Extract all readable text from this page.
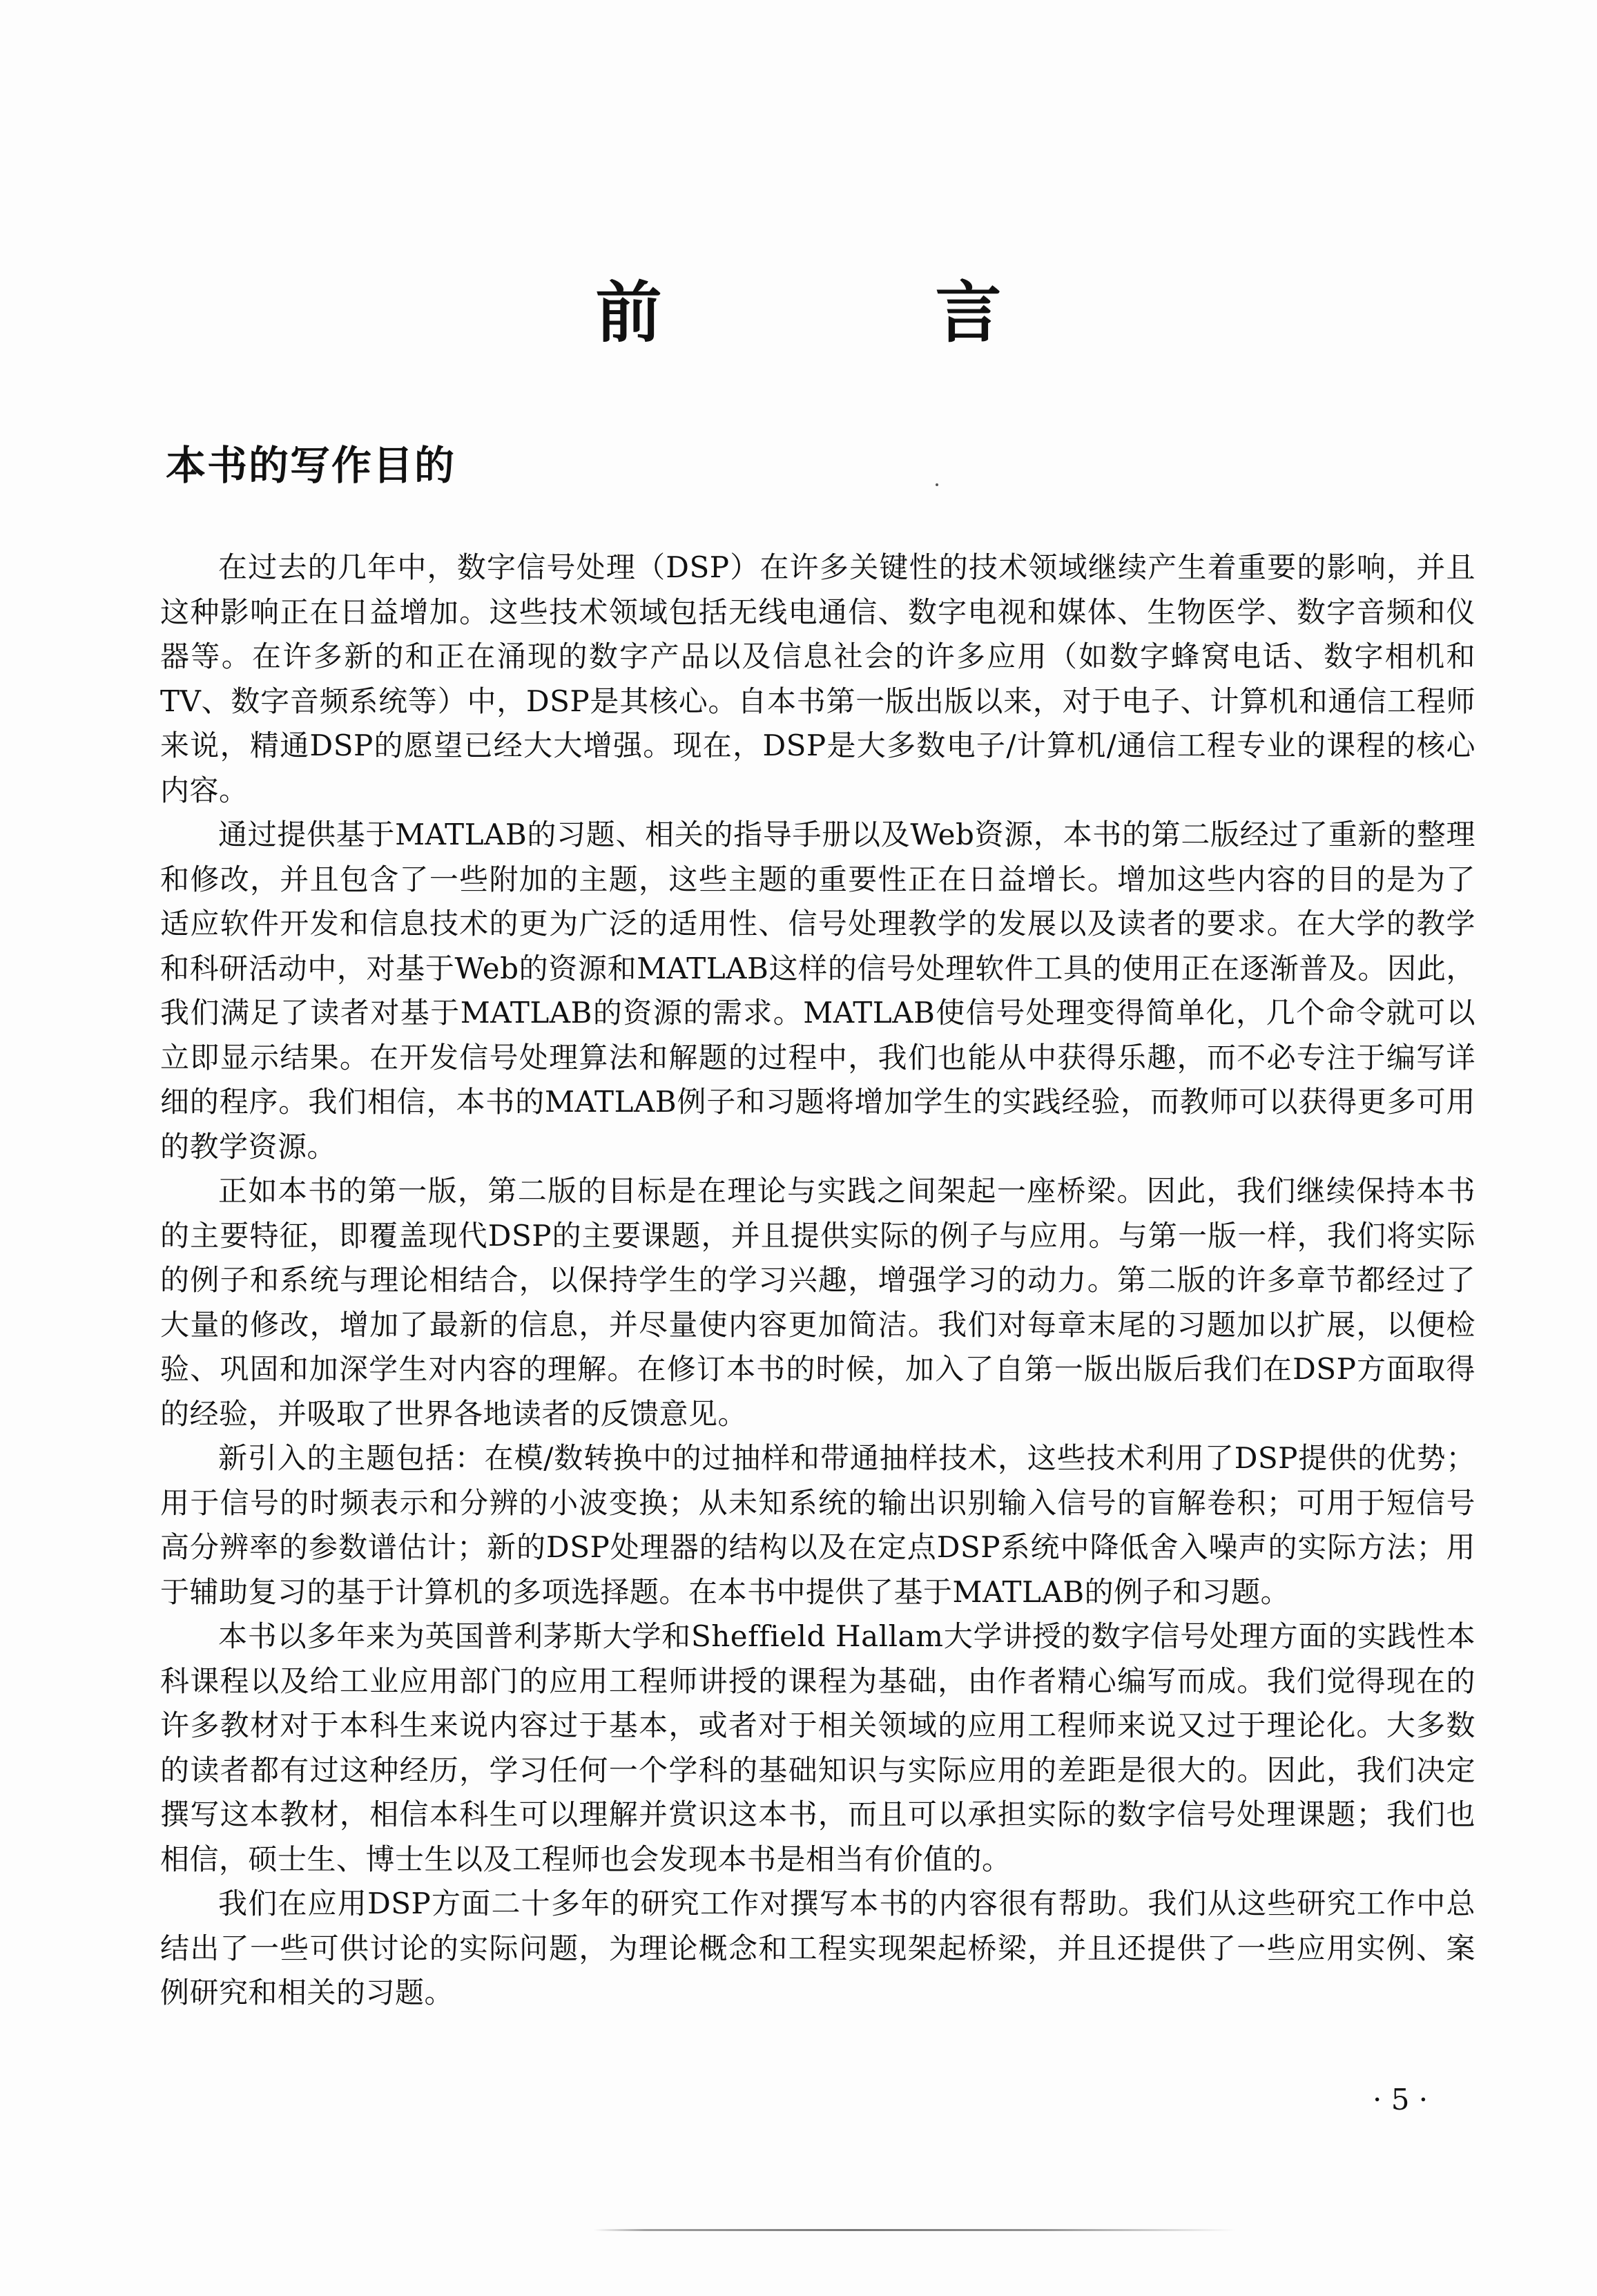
前　言
本书的写作目的

在过去的几年中，数字信号处理（DSP）在许多关键性的技术领域继续产生着重要的影响，并且这种影响正在日益增加。这些技术领域包括无线电通信、数字电视和媒体、生物医学、数字音频和仪器等。在许多新的和正在涌现的数字产品以及信息社会的许多应用（如数字蜂窝电话、数字相机和TV、数字音频系统等）中，DSP是其核心。自本书第一版出版以来，对于电子、计算机和通信工程师来说，精通DSP的愿望已经大大增强。现在，DSP是大多数电子/计算机/通信工程专业的课程的核心内容。

通过提供基于MATLAB的习题、相关的指导手册以及Web资源，本书的第二版经过了重新的整理和修改，并且包含了一些附加的主题，这些主题的重要性正在日益增长。增加这些内容的目的是为了适应软件开发和信息技术的更为广泛的适用性、信号处理教学的发展以及读者的要求。在大学的教学和科研活动中，对基于Web的资源和MATLAB这样的信号处理软件工具的使用正在逐渐普及。因此，我们满足了读者对基于MATLAB的资源的需求。MATLAB使信号处理变得简单化，几个命令就可以立即显示结果。在开发信号处理算法和解题的过程中，我们也能从中获得乐趣，而不必专注于编写详细的程序。我们相信，本书的MATLAB例子和习题将增加学生的实践经验，而教师可以获得更多可用的教学资源。

正如本书的第一版，第二版的目标是在理论与实践之间架起一座桥梁。因此，我们继续保持本书的主要特征，即覆盖现代DSP的主要课题，并且提供实际的例子与应用。与第一版一样，我们将实际的例子和系统与理论相结合，以保持学生的学习兴趣，增强学习的动力。第二版的许多章节都经过了大量的修改，增加了最新的信息，并尽量使内容更加简洁。我们对每章末尾的习题加以扩展，以便检验、巩固和加深学生对内容的理解。在修订本书的时候，加入了自第一版出版后我们在DSP方面取得的经验，并吸取了世界各地读者的反馈意见。

新引入的主题包括：在模/数转换中的过抽样和带通抽样技术，这些技术利用了DSP提供的优势；用于信号的时频表示和分辨的小波变换；从未知系统的输出识别输入信号的盲解卷积；可用于短信号高分辨率的参数谱估计；新的DSP处理器的结构以及在定点DSP系统中降低舍入噪声的实际方法；用于辅助复习的基于计算机的多项选择题。在本书中提供了基于MATLAB的例子和习题。

本书以多年来为英国普利茅斯大学和Sheffield Hallam大学讲授的数字信号处理方面的实践性本科课程以及给工业应用部门的应用工程师讲授的课程为基础，由作者精心编写而成。我们觉得现在的许多教材对于本科生来说内容过于基本，或者对于相关领域的应用工程师来说又过于理论化。大多数的读者都有过这种经历，学习任何一个学科的基础知识与实际应用的差距是很大的。因此，我们决定撰写这本教材，相信本科生可以理解并赏识这本书，而且可以承担实际的数字信号处理课题；我们也相信，硕士生、博士生以及工程师也会发现本书是相当有价值的。

我们在应用DSP方面二十多年的研究工作对撰写本书的内容很有帮助。我们从这些研究工作中总结出了一些可供讨论的实际问题，为理论概念和工程实现架起桥梁，并且还提供了一些应用实例、案例研究和相关的习题。

· 5 ·
